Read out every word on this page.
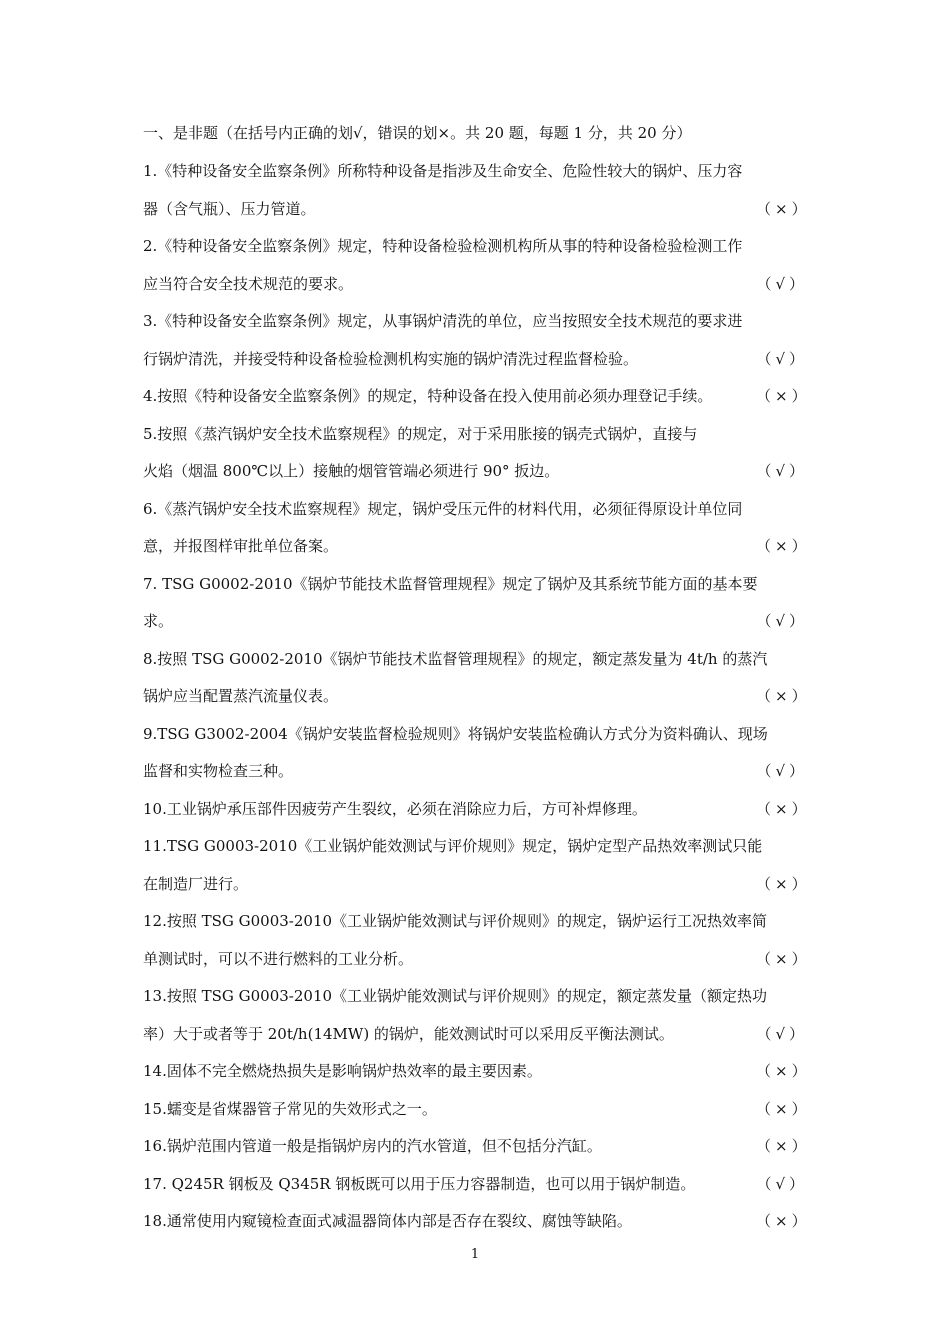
一、是非题（在括号内正确的划√，错误的划×。共 20 题，每题 1 分，共 20 分）
1.《特种设备安全监察条例》所称特种设备是指涉及生命安全、危险性较大的锅炉、压力容
器（含气瓶）、压力管道。	（×）
2.《特种设备安全监察条例》规定，特种设备检验检测机构所从事的特种设备检验检测工作
应当符合安全技术规范的要求。	（√）
3.《特种设备安全监察条例》规定，从事锅炉清洗的单位，应当按照安全技术规范的要求进
行锅炉清洗，并接受特种设备检验检测机构实施的锅炉清洗过程监督检验。	（√）
4.按照《特种设备安全监察条例》的规定，特种设备在投入使用前必须办理登记手续。	（×）
5.按照《蒸汽锅炉安全技术监察规程》的规定，对于采用胀接的锅壳式锅炉，直接与
火焰（烟温 800℃以上）接触的烟管管端必须进行 90° 扳边。	（√）
6.《蒸汽锅炉安全技术监察规程》规定，锅炉受压元件的材料代用，必须征得原设计单位同
意，并报图样审批单位备案。	（×）
7. TSG G0002-2010《锅炉节能技术监督管理规程》规定了锅炉及其系统节能方面的基本要
求。	（√）
8.按照 TSG G0002-2010《锅炉节能技术监督管理规程》的规定，额定蒸发量为 4t/h 的蒸汽
锅炉应当配置蒸汽流量仪表。	（×）
9.TSG G3002-2004《锅炉安装监督检验规则》将锅炉安装监检确认方式分为资料确认、现场
监督和实物检查三种。	（√）
10.工业锅炉承压部件因疲劳产生裂纹，必须在消除应力后，方可补焊修理。	（×）
11.TSG G0003-2010《工业锅炉能效测试与评价规则》规定，锅炉定型产品热效率测试只能
在制造厂进行。	（×）
12.按照 TSG G0003-2010《工业锅炉能效测试与评价规则》的规定，锅炉运行工况热效率简
单测试时，可以不进行燃料的工业分析。	（×）
13.按照 TSG G0003-2010《工业锅炉能效测试与评价规则》的规定，额定蒸发量（额定热功
率）大于或者等于 20t/h(14MW) 的锅炉，能效测试时可以采用反平衡法测试。	（√）
14.固体不完全燃烧热损失是影响锅炉热效率的最主要因素。	（×）
15.蠕变是省煤器管子常见的失效形式之一。	（×）
16.锅炉范围内管道一般是指锅炉房内的汽水管道，但不包括分汽缸。	（×）
17. Q245R 钢板及 Q345R 钢板既可以用于压力容器制造，也可以用于锅炉制造。	（√）
18.通常使用内窥镜检查面式减温器筒体内部是否存在裂纹、腐蚀等缺陷。	（×）
1
